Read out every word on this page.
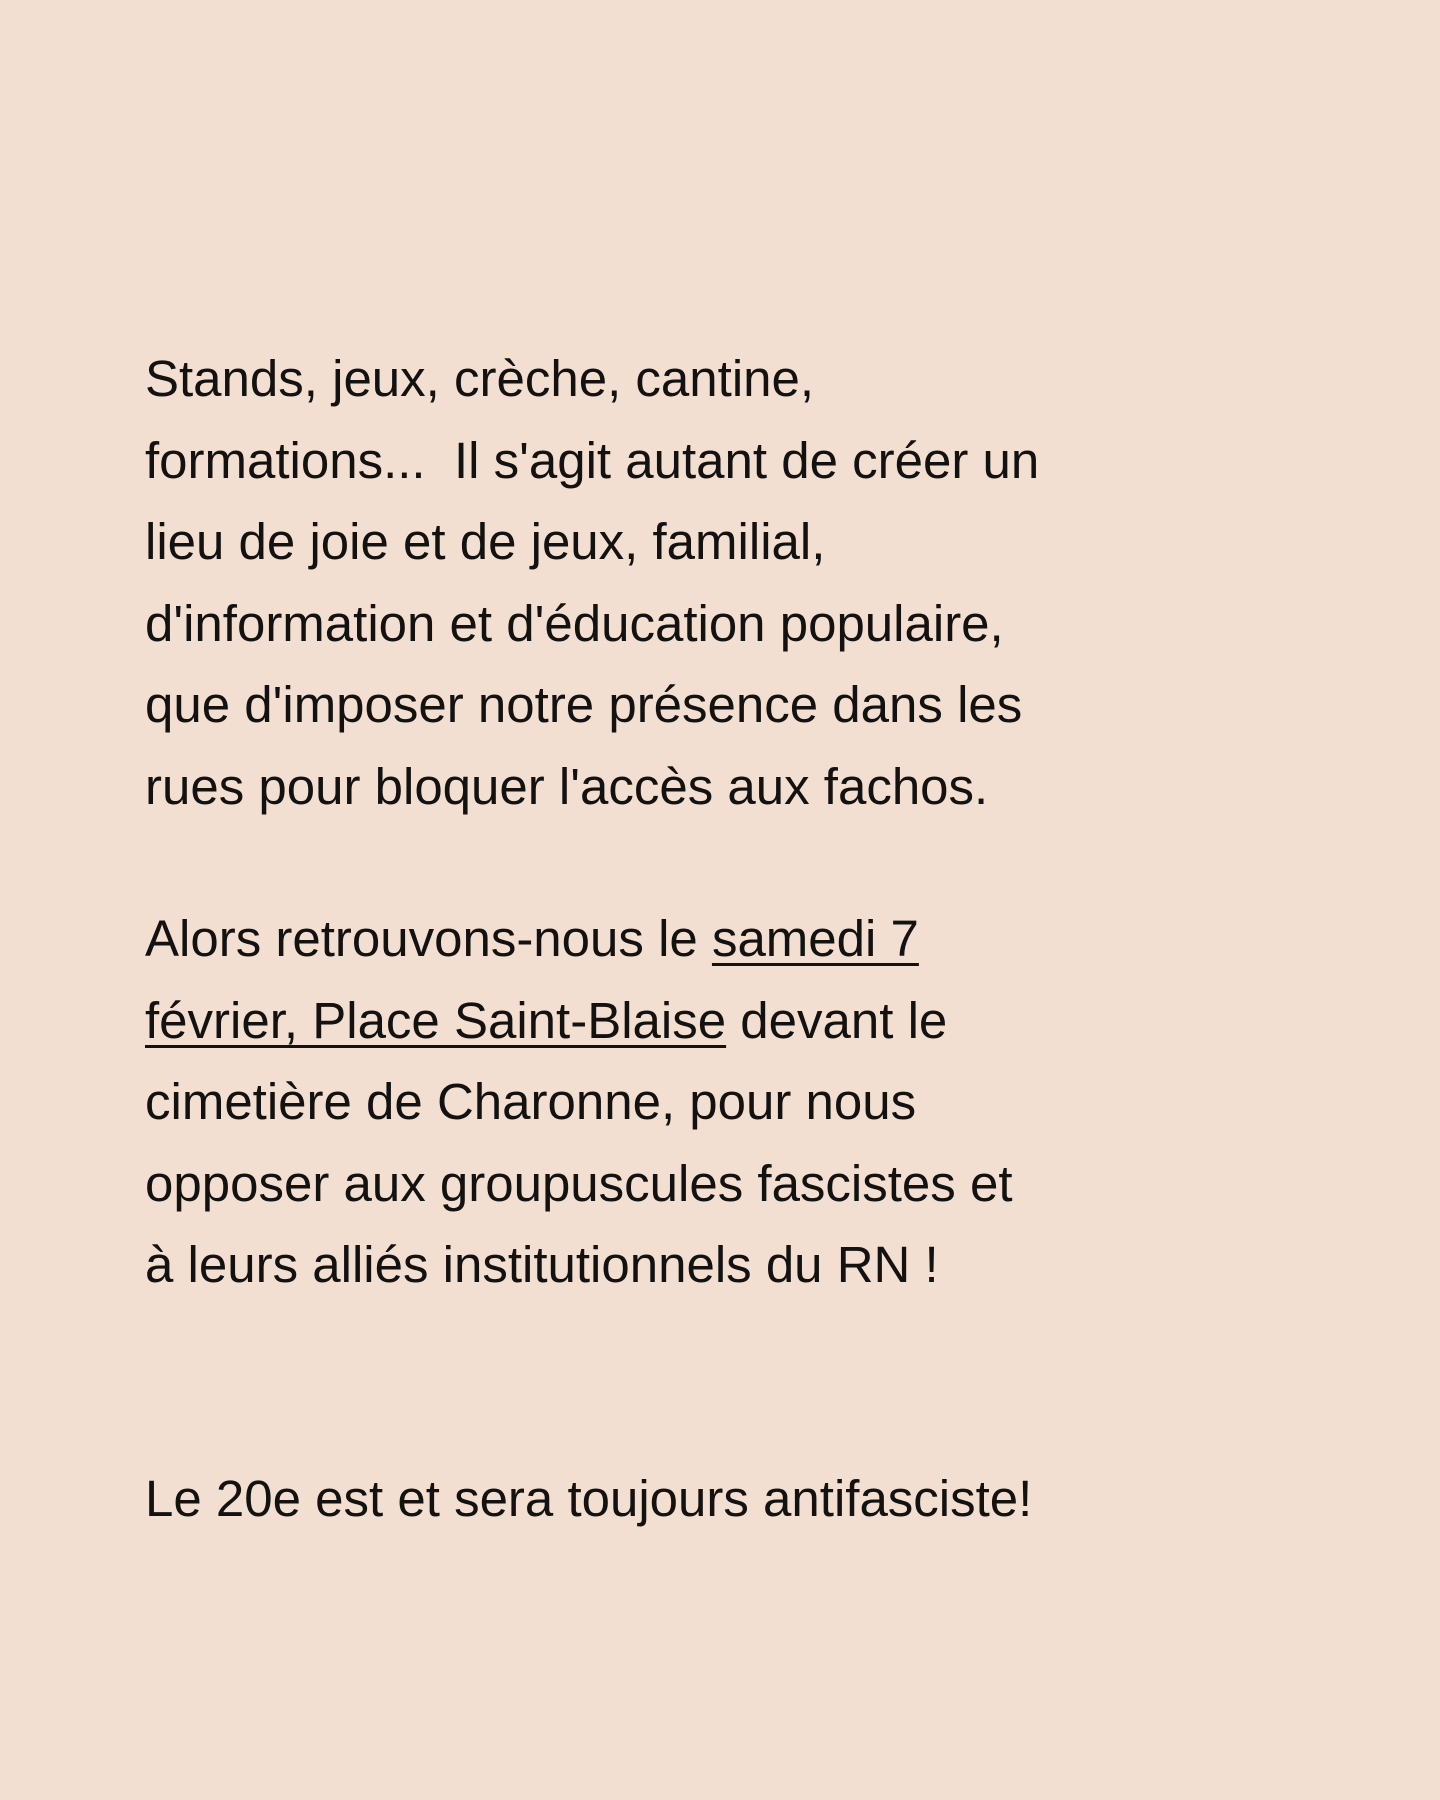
Stands, jeux, crèche, cantine,
formations...  Il s'agit autant de créer un
lieu de joie et de jeux, familial,
d'information et d'éducation populaire,
que d'imposer notre présence dans les
rues pour bloquer l'accès aux fachos.
Alors retrouvons-nous le samedi 7
février, Place Saint-Blaise devant le
cimetière de Charonne, pour nous
opposer aux groupuscules fascistes et
à leurs alliés institutionnels du RN !
Le 20e est et sera toujours antifasciste!
